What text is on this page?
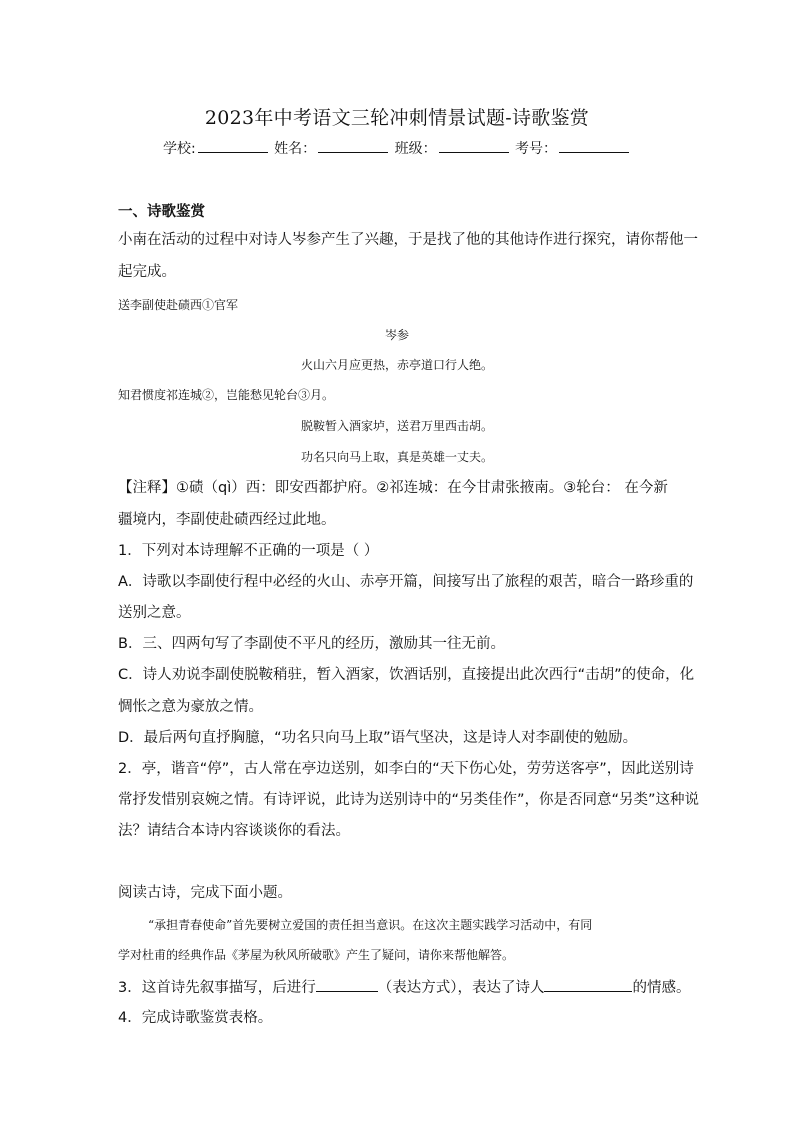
2023年中考语文三轮冲刺情景试题-诗歌鉴赏
学校:	姓名：	班级：	考号：
一、诗歌鉴赏
小南在活动的过程中对诗人岑参产生了兴趣，于是找了他的其他诗作进行探究，请你帮他一
起完成。
送李副使赴碛西①官军
岑参
火山六月应更热，赤亭道口行人绝。
知君惯度祁连城②，岂能愁见轮台③月。
脱鞍暂入酒家垆，送君万里西击胡。
功名只向马上取，真是英雄一丈夫。
【注释】①碛（qì）西：即安西都护府。②祁连城：在今甘肃张掖南。③轮台： 在今新
疆境内，李副使赴碛西经过此地。
1．下列对本诗理解不正确的一项是（ ）
A．诗歌以李副使行程中必经的火山、赤亭开篇，间接写出了旅程的艰苦，暗合一路珍重的
送别之意。
B．三、四两句写了李副使不平凡的经历，激励其一往无前。
C．诗人劝说李副使脱鞍稍驻，暂入酒家，饮酒话别，直接提出此次西行“击胡”的使命，化
惆怅之意为豪放之情。
D．最后两句直抒胸臆，“功名只向马上取”语气坚决，这是诗人对李副使的勉励。
2．亭，谐音“停”，古人常在亭边送别，如李白的“天下伤心处，劳劳送客亭”，因此送别诗
常抒发惜别哀婉之情。有诗评说，此诗为送别诗中的“另类佳作”，你是否同意“另类”这种说
法？请结合本诗内容谈谈你的看法。
阅读古诗，完成下面小题。
“承担青春使命”首先要树立爱国的责任担当意识。在这次主题实践学习活动中，有同
学对杜甫的经典作品《茅屋为秋风所破歌》产生了疑问，请你来帮他解答。
3．这首诗先叙事描写，后进行	（表达方式），表达了诗人	的情感。
4．完成诗歌鉴赏表格。
